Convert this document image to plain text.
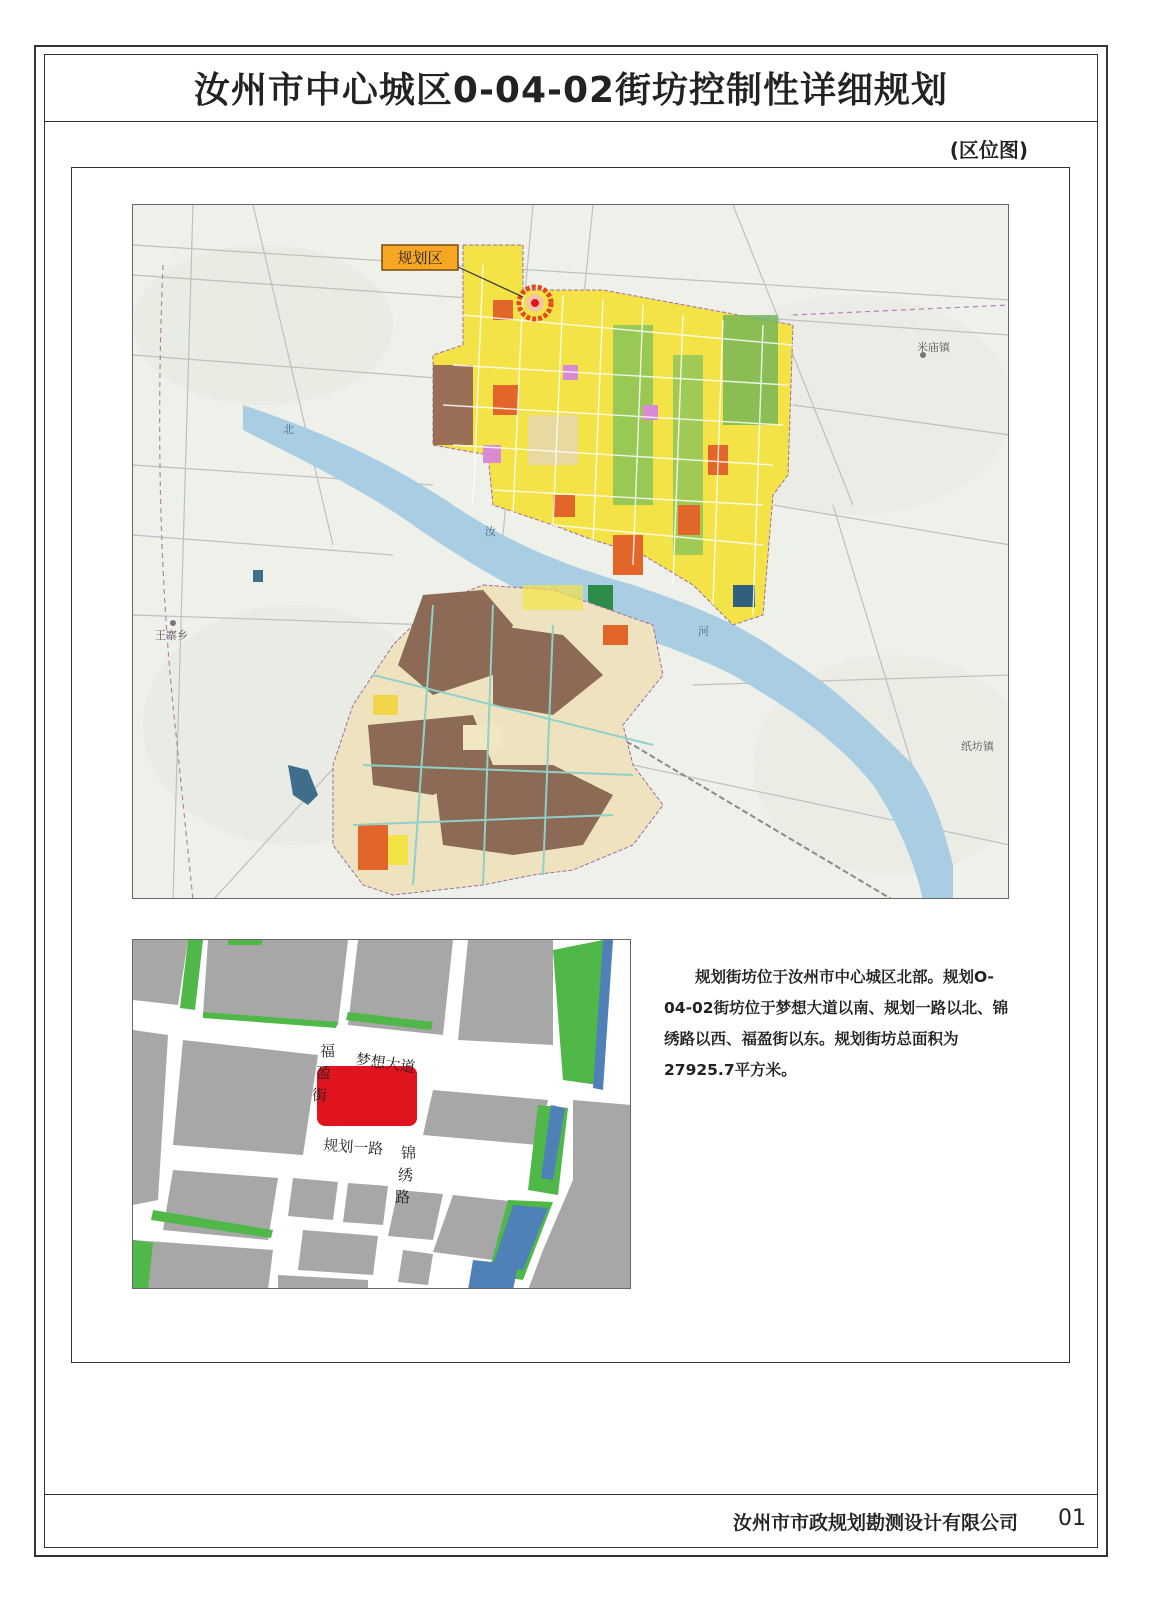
汝州市中心城区0-04-02街坊控制性详细规划
(区位图)
北
汝
河
米庙镇
王寨乡
纸坊镇
规划区
梦想大道
规划一路
福
盈
街
锦
绣
路

规划街坊位于汝州市中心城区北部。规划O-04-02街坊位于梦想大道以南、规划一路以北、锦绣路以西、福盈街以东。规划街坊总面积为27925.7平方米。

汝州市市政规划勘测设计有限公司 01
